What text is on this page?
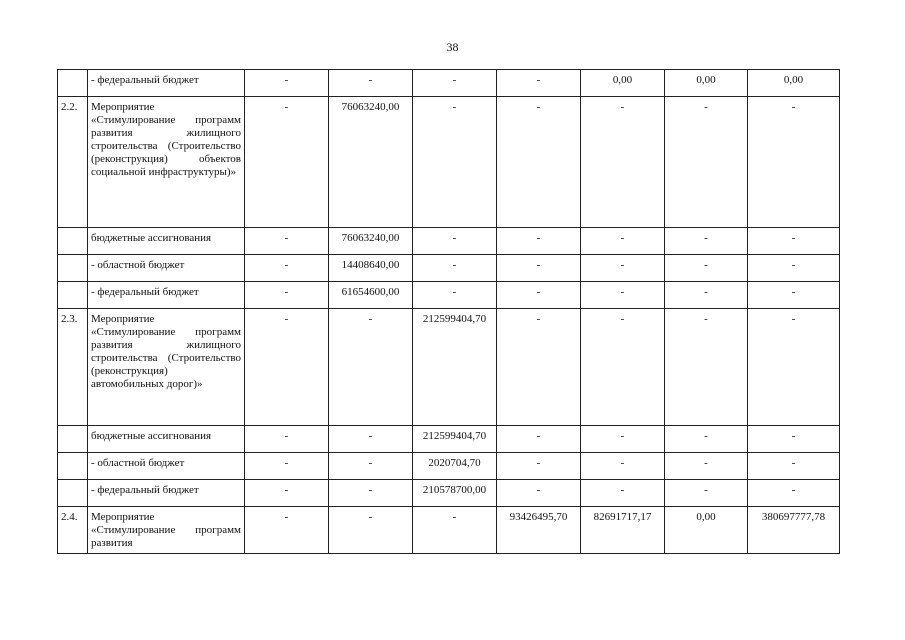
38
	- федеральный бюджет	-	-	-	-	0,00	0,00	0,00
2.2.	Мероприятие «Стимулирование программ развития жилищного строительства (Строительство (реконструкция) объектов социальной инфраструктуры)»	-	76063240,00	-	-	-	-	-
	бюджетные ассигнования	-	76063240,00	-	-	-	-	-
	- областной бюджет	-	14408640,00	-	-	-	-	-
	- федеральный бюджет	-	61654600,00	-	-	-	-	-
2.3.	Мероприятие «Стимулирование программ развития жилищного строительства (Строительство (реконструкция) автомобильных дорог)»	-	-	212599404,70	-	-	-	-
	бюджетные ассигнования	-	-	212599404,70	-	-	-	-
	- областной бюджет	-	-	2020704,70	-	-	-	-
	- федеральный бюджет	-	-	210578700,00	-	-	-	-
2.4.	Мероприятие «Стимулирование программ развития	-	-	-	93426495,70	82691717,17	0,00	380697777,78
